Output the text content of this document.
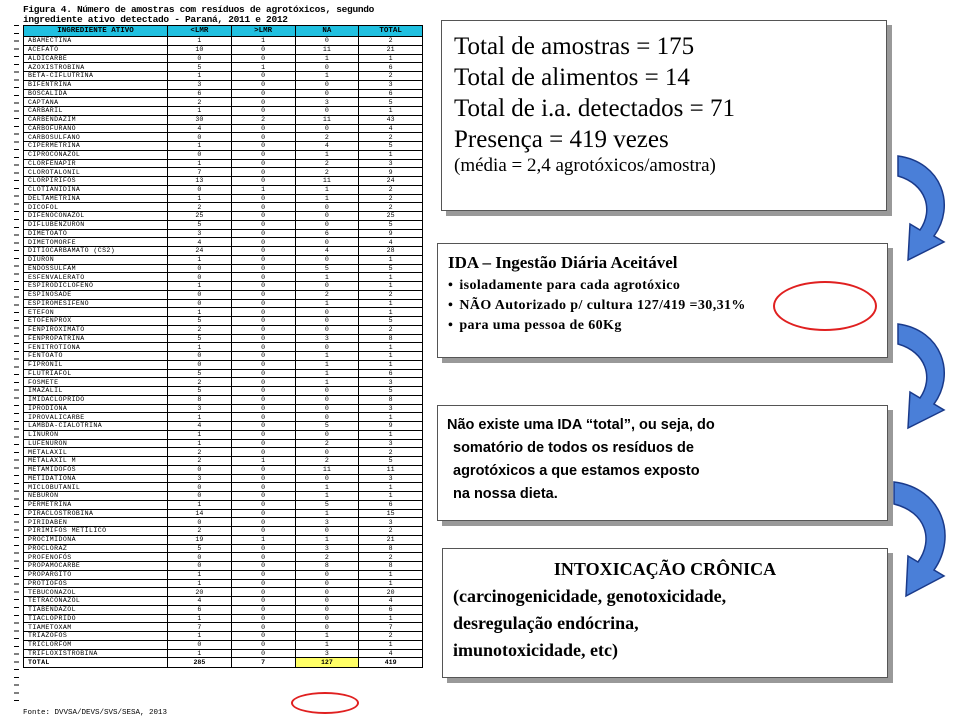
Figura 4. Número de amostras com resíduos de agrotóxicos, segundo
ingrediente ativo detectado - Paraná, 2011 e 2012
INGREDIENTE ATIVO	<LMR	>LMR	NA	TOTAL
ABAMECTINA	1	1	0	2
ACEFATO	10	0	11	21
ALDICARBE	0	0	1	1
AZOXISTROBINA	5	1	0	6
BETA-CIFLUTRINA	1	0	1	2
BIFENTRINA	3	0	0	3
BOSCALIDA	6	0	0	6
CAPTANA	2	0	3	5
CARBARIL	1	0	0	1
CARBENDAZIM	30	2	11	43
CARBOFURANO	4	0	0	4
CARBOSULFANO	0	0	2	2
CIPERMETRINA	1	0	4	5
CIPROCONAZOL	0	0	1	1
CLORFENAPIR	1	0	2	3
CLOROTALONIL	7	0	2	9
CLORPIRIFÓS	13	0	11	24
CLOTIANIDINA	0	1	1	2
DELTAMETRINA	1	0	1	2
DICOFOL	2	0	0	2
DIFENOCONAZOL	25	0	0	25
DIFLUBENZURON	5	0	0	5
DIMETOATO	3	0	6	9
DIMETOMORFE	4	0	0	4
DITIOCARBAMATO (CS2)	24	0	4	28
DIURON	1	0	0	1
ENDOSSULFAM	0	0	5	5
ESFENVALERATO	0	0	1	1
ESPIRODICLOFENO	1	0	0	1
ESPINOSADE	0	0	2	2
ESPIROMESIFENO	0	0	1	1
ETEFON	1	0	0	1
ETOFENPROX	5	0	0	5
FENPIROXIMATO	2	0	0	2
FENPROPATRINA	5	0	3	8
FENITROTIONA	1	0	0	1
FENTOATO	0	0	1	1
FIPRONIL	0	0	1	1
FLUTRIAFOL	5	0	1	6
FOSMETE	2	0	1	3
IMAZALIL	5	0	0	5
IMIDACLOPRIDO	8	0	0	8
IPRODIONA	3	0	0	3
IPROVALICARBE	1	0	0	1
LAMBDA-CIALOTRINA	4	0	5	9
LINURON	1	0	0	1
LUFENURON	1	0	2	3
METALAXIL	2	0	0	2
METALAXIL M	2	1	2	5
METAMIDOFÓS	0	0	11	11
METIDATIONA	3	0	0	3
MICLOBUTANIL	0	0	1	1
NEBURON	0	0	1	1
PERMETRINA	1	0	5	6
PIRACLOSTROBINA	14	0	1	15
PIRIDABEN	0	0	3	3
PIRIMIFÓS METÍLICO	2	0	0	2
PROCIMIDONA	19	1	1	21
PROCLORAZ	5	0	3	8
PROFENOFÓS	0	0	2	2
PROPAMOCARBE	0	0	8	8
PROPARGITO	1	0	0	1
PROTIOFÓS	1	0	0	1
TEBUCONAZOL	20	0	0	20
TETRACONAZOL	4	0	0	4
TIABENDAZOL	6	0	0	6
TIACLOPRIDO	1	0	0	1
TIAMETOXAM	7	0	0	7
TRIAZOFÓS	1	0	1	2
TRICLORFOM	0	0	1	1
TRIFLOXISTROBINA	1	0	3	4
TOTAL	285	7	127	419
Fonte: DVVSA/DEVS/SVS/SESA, 2013
Total de amostras = 175
Total de alimentos = 14
Total de i.a. detectados = 71
Presença = 419 vezes
(média = 2,4 agrotóxicos/amostra)
IDA – Ingestão Diária Aceitável
• isoladamente para cada agrotóxico
• NÃO Autorizado p/ cultura 127/419 =30,31%
• para uma pessoa de 60Kg
Não existe uma IDA “total”, ou seja, do
somatório de todos os resíduos de
agrotóxicos a que estamos exposto
na nossa dieta.
INTOXICAÇÃO CRÔNICA
(carcinogenicidade, genotoxicidade,
desregulação endócrina,
imunotoxicidade, etc)
